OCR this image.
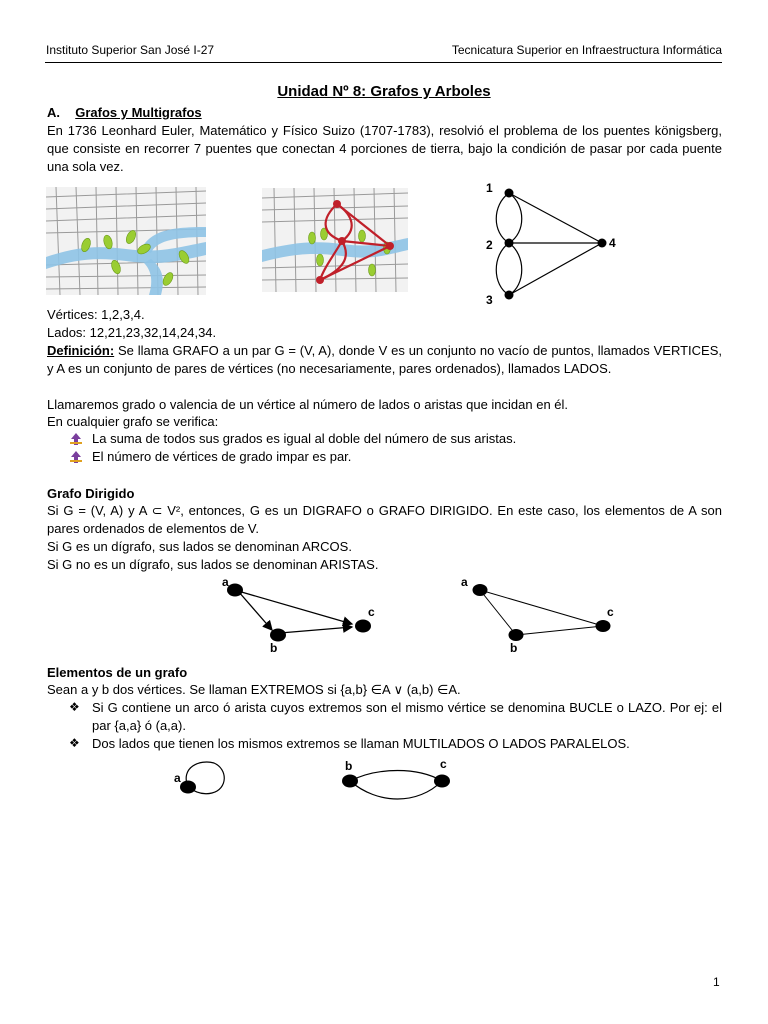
Instituto Superior San José I-27	Tecnicatura Superior en Infraestructura Informática
Unidad Nº 8: Grafos y Arboles
A. Grafos y Multigrafos
En 1736 Leonhard Euler, Matemático y Físico Suizo (1707-1783), resolvió el problema de los puentes königsberg, que consiste en recorrer 7 puentes que conectan 4 porciones de tierra, bajo la condición de pasar por cada puente una sola vez.
1
2
3
4
Vértices: 1,2,3,4.
Lados: 12,21,23,32,14,24,34.
Definición: Se llama GRAFO a un par G = (V, A), donde V es un conjunto no vacío de puntos, llamados VERTICES, y A es un conjunto de pares de vértices (no necesariamente, pares ordenados), llamados LADOS.
Llamaremos grado o valencia de un vértice al número de lados o aristas que incidan en él.
En cualquier grafo se verifica:
La suma de todos sus grados es igual al doble del número de sus aristas.
El número de vértices de grado impar es par.
Grafo Dirigido
Si G = (V, A) y A ⊂ V², entonces, G es un DIGRAFO o GRAFO DIRIGIDO. En este caso, los elementos de A son pares ordenados de elementos de V.
Si G es un dígrafo, sus lados se denominan ARCOS.
Si G no es un dígrafo, sus lados se denominan ARISTAS.
a
b
c
a
b
c
Elementos de un grafo
Sean a y b dos vértices. Se llaman EXTREMOS si {a,b} ∈A ∨ (a,b) ∈A.
❖ Si G contiene un arco ó arista cuyos extremos son el mismo vértice se denomina BUCLE o LAZO. Por ej: el par {a,a} ó (a,a).
❖ Dos lados que tienen los mismos extremos se llaman MULTILADOS O LADOS PARALELOS.
a
b	c
1
